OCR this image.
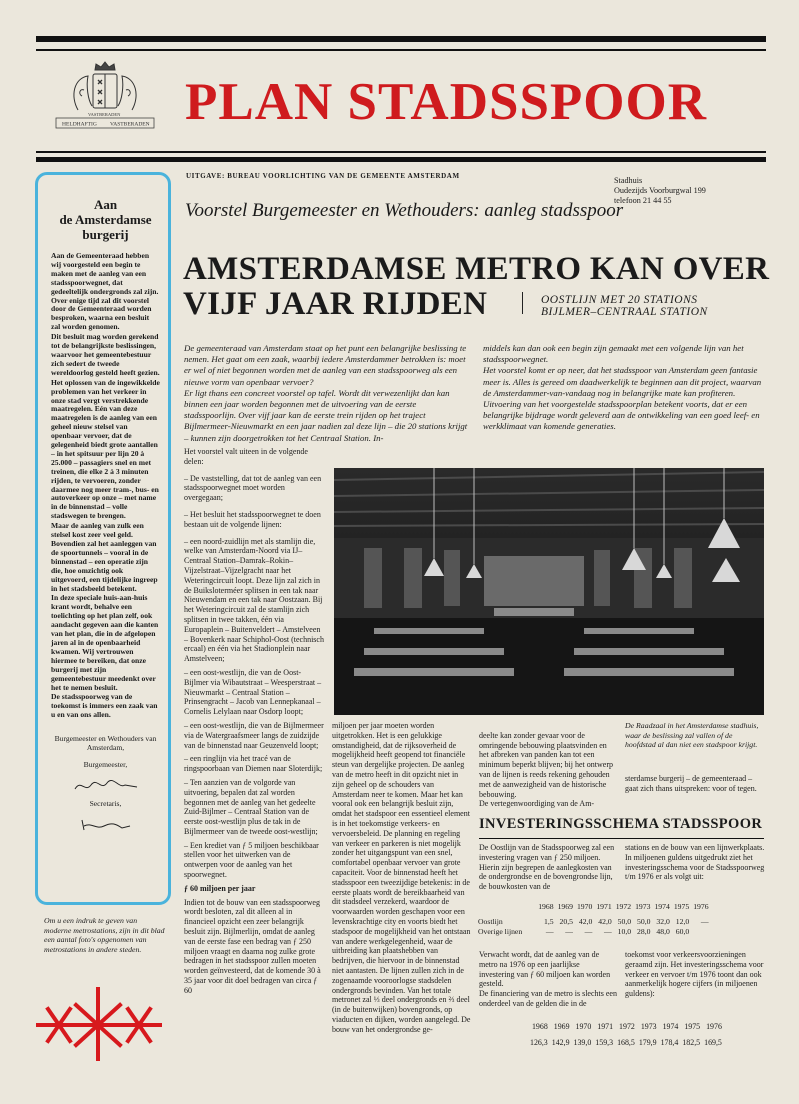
HELDHAFTIG VASTBERADEN
VASTBERADEN PLAN STADSSPOOR
UITGAVE: BUREAU VOORLICHTING VAN DE GEMEENTE AMSTERDAM	Stadhuis
Oudezijds Voorburgwal 199
telefoon 21 44 55
Aan
de Amsterdamse
burgerij

Aan de Gemeenteraad hebben wij voorgesteld een begin te maken met de aanleg van een stadsspoorwegnet, dat gedeeltelijk ondergronds zal zijn. Over enige tijd zal dit voorstel door de Gemeenteraad worden besproken, waarna een besluit zal worden genomen.

Dit besluit mag worden gerekend tot de belangrijkste beslissingen, waarvoor het gemeentebestuur zich sedert de tweede wereldoorlog gesteld heeft gezien.

Het oplossen van de ingewikkelde problemen van het verkeer in onze stad vergt verstrekkende maatregelen. Eén van deze maatregelen is de aanleg van een geheel nieuw stelsel van openbaar vervoer, dat de gelegenheid biedt grote aantallen – in het spitsuur per lijn 20 à 25.000 – passagiers snel en met treinen, die elke 2 à 3 minuten rijden, te vervoeren, zonder daarmee nog meer tram-, bus- en autoverkeer op onze – met name in de binnenstad – volle stadswegen te brengen.

Maar de aanleg van zulk een stelsel kost zeer veel geld. Bovendien zal het aanleggen van de spoortunnels – vooral in de binnenstad – een operatie zijn die, hoe omzichtig ook uitgevoerd, een tijdelijke ingreep in het stadsbeeld betekent.

In deze speciale huis-aan-huis krant wordt, behalve een toelichting op het plan zelf, ook aandacht gegeven aan die kanten van het plan, die in de afgelopen jaren al in de openbaarheid kwamen. Wij vertrouwen hiermee te bereiken, dat onze burgerij met zijn gemeentebestuur meedenkt over het te nemen besluit.

De stadsspoorweg van de toekomst is immers een zaak van u en van ons allen.

Burgemeester en Wethouders van Amsterdam,
Burgemeester,
Secretaris,
Om u een indruk te geven van moderne metrostations, zijn in dit blad een aantal foto's opgenomen van metrostations in andere steden.
Voorstel Burgemeester en Wethouders: aanleg stadsspoor
AMSTERDAMSE METRO KAN OVER
VIJF JAAR RIJDEN	OOSTLIJN MET 20 STATIONS
BIJLMER–CENTRAAL STATION
De gemeenteraad van Amsterdam staat op het punt een belangrijke beslissing te nemen. Het gaat om een zaak, waarbij iedere Amsterdammer betrokken is: moet er wel of niet begonnen worden met de aanleg van een stadsspoorweg als een nieuwe vorm van openbaar vervoer?
Er ligt thans een concreet voorstel op tafel. Wordt dit verwezenlijkt dan kan binnen een jaar worden begonnen met de uitvoering van de eerste stadsspoorlijn. Over vijf jaar kan de eerste trein rijden op het traject Bijlmermeer-Nieuwmarkt en een jaar nadien zal deze lijn – die 20 stations krijgt – kunnen zijn doorgetrokken tot het Centraal Station. In-
middels kan dan ook een begin zijn gemaakt met een volgende lijn van het stadsspoorwegnet.
Het voorstel komt er op neer, dat het stadsspoor van Amsterdam geen fantasie meer is. Alles is gereed om daadwerkelijk te beginnen aan dit project, waarvan de Amsterdammer-van-vandaag nog in belangrijke mate kan profiteren.
Uitvoering van het voorgestelde stadsspoorplan betekent voorts, dat er een belangrijke bijdrage wordt geleverd aan de ontwikkeling van een goed leef- en werkklimaat van komende generaties.

Het voorstel valt uiteen in de volgende delen:

– De vaststelling, dat tot de aanleg van een stadsspoorwegnet moet worden overgegaan;

– Het besluit het stadsspoorwegnet te doen bestaan uit de volgende lijnen:

– een noord-zuidlijn met als stamlijn die, welke van Amsterdam-Noord via IJ–Centraal Station–Damrak–Rokin–Vijzelstraat–Vijzelgracht naar het Weteringcircuit loopt. Deze lijn zal zich in de Buiksloterméer splitsen in een tak naar Nieuwendam en een tak naar Oostzaan. Bij het Weteringcircuit zal de stamlijn zich splitsen in twee takken, één via Europaplein – Buitenveldert – Amstelveen – Bovenkerk naar Schiphol-Oost (technisch ercaal) en één via het Stadionplein naar Amstelveen;

– een oost-westlijn, die van de Oost-Bijlmer via Wibautstraat – Weesperstraat – Nieuwmarkt – Centraal Station – Prinsengracht – Jacob van Lennepkanaal – Cornelis Lelylaan naar Osdorp loopt;

– een oost-westlijn, die van de Bijlmermeer via de Watergraafsmeer langs de zuidzijde van de binnenstad naar Geuzenveld loopt;

– een ringlijn via het tracé van de ringspoorbaan van Diemen naar Sloterdijk;

– Ten aanzien van de volgorde van uitvoering, bepalen dat zal worden begonnen met de aanleg van het gedeelte Zuid-Bijlmer – Centraal Station van de eerste oost-westlijn plus de tak in de Bijlmermeer van de tweede oost-westlijn;

– Een krediet van ƒ 5 miljoen beschikbaar stellen voor het uitwerken van de ontwerpen voor de aanleg van het spoorwegnet.

ƒ 60 miljoen per jaar

Indien tot de bouw van een stadsspoorweg wordt besloten, zal dit alleen al in financieel opzicht een zeer belangrijk besluit zijn. Bijlmerlijn, omdat de aanleg van de eerste fase een bedrag van ƒ 250 miljoen vraagt en daarna nog zulke grote bedragen in het stadsspoor zullen moeten worden geïnvesteerd, dat de komende 30 à 35 jaar voor dit doel bedragen van circa ƒ 60

De Raadzaal in het Amsterdamse stadhuis, waar de beslissing zal vallen of de hoofdstad al dan niet een stadspoor krijgt.

miljoen per jaar moeten worden uitgetrokken. Het is een gelukkige omstandigheid, dat de rijksoverheid de mogelijkheid heeft geopend tot financiële steun van dergelijke projecten. De aanleg van de metro heeft in dit opzicht niet in zijn geheel op de schouders van Amsterdam neer te komen. Maar het kan vooral ook een belangrijk besluit zijn, omdat het stadspoor een essentieel element is in het toekomstige verkeers- en vervoersbeleid. De planning en regeling van verkeer en parkeren is niet mogelijk zonder het uitgangspunt van een snel, comfortabel openbaar vervoer van grote capaciteit. Voor de binnenstad heeft het stadsspoor een tweezijdige betekenis: in de eerste plaats wordt de bereikbaarheid van dit stadsdeel verzekerd, waardoor de voorwaarden worden geschapen voor een levenskrachtige city en voorts biedt het stadspoor de mogelijkheid van het ontstaan van andere werkgelegenheid, waar de uitbreiding kan plaatshebben van bedrijven, die hiervoor in de binnenstad niet aantasten. De lijnen zullen zich in de zogenaamde vooroorlogse stadsdelen ondergronds bevinden. Van het totale metronet zal ⅓ deel ondergronds en ⅔ deel (in de buitenwijken) bovengronds, op viaducten en dijken, worden aangelegd. De bouw van het ondergrondse ge-

deelte kan zonder gevaar voor de omringende bebouwing plaatsvinden en het afbreken van panden kan tot een minimum beperkt blijven; bij het ontwerp van de lijnen is reeds rekening gehouden met de aanwezigheid van de historische bebouwing.
De vertegenwoordiging van de Am-

sterdamse burgerij – de gemeenteraad – gaat zich thans uitspreken: voor of tegen.

INVESTERINGSSCHEMA STADSSPOOR
De Oostlijn van de Stadsspoorweg zal een investering vragen van ƒ 250 miljoen. Hierin zijn begrepen de aanlegkosten van de ondergrondse en de bovengrondse lijn, de bouwkosten van de
stations en de bouw van een lijnwerkplaats.
In miljoenen guldens uitgedrukt ziet het investeringsschema voor de Stadsspoorweg t/m 1976 er als volgt uit:
	1968	1969	1970	1971	1972	1973	1974	1975	1976

Oostlijn	1,5	20,5	42,0	42,0	50,0	50,0	32,0	12,0	—
Overige lijnen	—	—	—	—	10,0	28,0	48,0	60,0	
Verwacht wordt, dat de aanleg van de metro na 1976 op een jaarlijkse investering van ƒ 60 miljoen kan worden gesteld.
De financiering van de metro is slechts een onderdeel van de gelden die in de
toekomst voor verkeersvoorzieningen geraamd zijn. Het investeringsschema voor verkeer en vervoer t/m 1976 toont dan ook aanmerkelijk hogere cijfers (in miljoenen guldens):
1968	1969	1970	1971	1972	1973	1974	1975	1976

126,3	142,9	139,0	159,3	168,5	179,9	178,4	182,5	169,5
